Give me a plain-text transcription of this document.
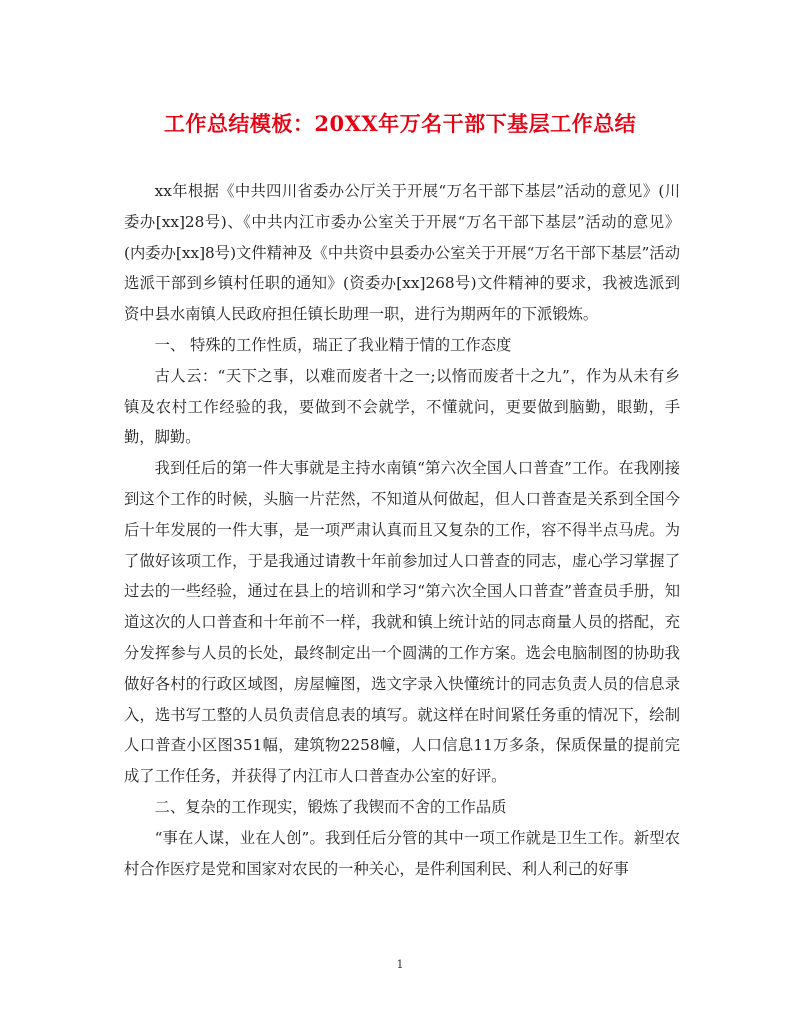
工作总结模板：20XX年万名干部下基层工作总结

xx年根据《中共四川省委办公厅关于开展“万名干部下基层”活动的意见》(川委办[xx]28号)、《中共内江市委办公室关于开展“万名干部下基层”活动的意见》(内委办[xx]8号)文件精神及《中共资中县委办公室关于开展“万名干部下基层”活动选派干部到乡镇村任职的通知》(资委办[xx]268号)文件精神的要求，我被选派到资中县水南镇人民政府担任镇长助理一职，进行为期两年的下派锻炼。

一、 特殊的工作性质，瑞正了我业精于情的工作态度

古人云：“天下之事，以难而废者十之一;以惰而废者十之九”，作为从未有乡镇及农村工作经验的我，要做到不会就学，不懂就问，更要做到脑勤，眼勤，手勤，脚勤。

我到任后的第一件大事就是主持水南镇“第六次全国人口普查”工作。在我刚接到这个工作的时候，头脑一片茫然，不知道从何做起，但人口普查是关系到全国今后十年发展的一件大事，是一项严肃认真而且又复杂的工作，容不得半点马虎。为了做好该项工作，于是我通过请教十年前参加过人口普查的同志，虚心学习掌握了过去的一些经验，通过在县上的培训和学习“第六次全国人口普查”普查员手册，知道这次的人口普查和十年前不一样，我就和镇上统计站的同志商量人员的搭配，充分发挥参与人员的长处，最终制定出一个圆满的工作方案。选会电脑制图的协助我做好各村的行政区域图，房屋幢图，选文字录入快懂统计的同志负责人员的信息录入，选书写工整的人员负责信息表的填写。就这样在时间紧任务重的情况下，绘制人口普查小区图351幅，建筑物2258幢，人口信息11万多条，保质保量的提前完成了工作任务，并获得了内江市人口普查办公室的好评。

二、复杂的工作现实，锻炼了我锲而不舍的工作品质

“事在人谋，业在人创”。我到任后分管的其中一项工作就是卫生工作。新型农村合作医疗是党和国家对农民的一种关心，是件利国利民、利人利己的好事

1
